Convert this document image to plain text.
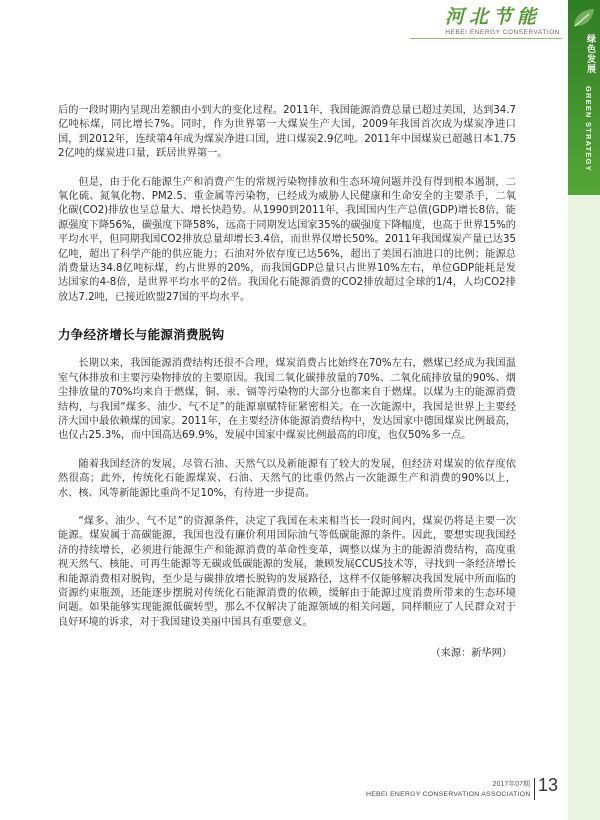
河北节能
HEBEI ENERGY CONSERVATION
绿色发展
GREEN STRATEGY

后的一段时期内呈现出差额由小到大的变化过程。2011年，我国能源消费总量已超过美国，达到34.7亿吨标煤，同比增长7%。同时，作为世界第一大煤炭生产大国，2009年我国首次成为煤炭净进口国，到2012年，连续第4年成为煤炭净进口国，进口煤炭2.9亿吨。2011年中国煤炭已超越日本1.752亿吨的煤炭进口量，跃居世界第一。

但是，由于化石能源生产和消费产生的常规污染物排放和生态环境问题并没有得到根本遏制，二氧化硫、氮氧化物、PM2.5、重金属等污染物，已经成为威胁人民健康和生命安全的主要杀手，二氧化碳(CO2)排放也呈总量大、增长快趋势。从1990到2011年，我国国内生产总值(GDP)增长8倍，能源强度下降56%，碳强度下降58%，远高于同期发达国家35%的碳强度下降幅度，也高于世界15%的平均水平，但同期我国CO2排放总量却增长3.4倍，而世界仅增长50%。2011年我国煤炭产量已达35亿吨，超出了科学产能的供应能力；石油对外依存度已达56%，超出了美国石油进口的比例；能源总消费量达34.8亿吨标煤，约占世界的20%，而我国GDP总量只占世界10%左右，单位GDP能耗是发达国家的4-8倍，是世界平均水平的2倍。我国化石能源消费的CO2排放超过全球的1/4，人均CO2排放达7.2吨，已接近欧盟27国的平均水平。

力争经济增长与能源消费脱钩

长期以来，我国能源消费结构还很不合理，煤炭消费占比始终在70%左右，燃煤已经成为我国温室气体排放和主要污染物排放的主要原因。我国二氧化碳排放量的70%、二氧化硫排放量的90%、烟尘排放量的70%均来自于燃煤，铜、汞、镉等污染物的大部分也都来自于燃煤。以煤为主的能源消费结构，与我国“煤多、油少、气不足”的能源禀赋特征紧密相关。在一次能源中，我国是世界上主要经济大国中最依赖煤的国家。2011年，在主要经济体能源消费结构中，发达国家中德国煤炭比例最高，也仅占25.3%，而中国高达69.9%，发展中国家中煤炭比例最高的印度，也仅50%多一点。

随着我国经济的发展，尽管石油、天然气以及新能源有了较大的发展，但经济对煤炭的依存度依然很高；此外，传统化石能源煤炭、石油、天然气的比重仍然占一次能源生产和消费的90%以上，水、核、风等新能源比重尚不足10%，有待进一步提高。

“煤多、油少、气不足”的资源条件，决定了我国在未来相当长一段时间内，煤炭仍将是主要一次能源。煤炭属于高碳能源，我国也没有廉价利用国际油气等低碳能源的条件。因此，要想实现我国经济的持续增长，必须进行能源生产和能源消费的革命性变革，调整以煤为主的能源消费结构，高度重视天然气、核能、可再生能源等无碳或低碳能源的发展，兼顾发展CCUS技术等，寻找到一条经济增长和能源消费相对脱钩，至少是与碳排放增长脱钩的发展路径，这样不仅能够解决我国发展中所面临的资源约束瓶颈，还能逐步摆脱对传统化石能源消费的依赖，缓解由于能源过度消费所带来的生态环境问题。如果能够实现能源低碳转型，那么不仅解决了能源领域的相关问题，同样顺应了人民群众对于良好环境的诉求，对于我国建设美丽中国具有重要意义。

（来源：新华网）
2017年07期
HEBEI ENERGY CONSERVATION ASSOCIATION 13
